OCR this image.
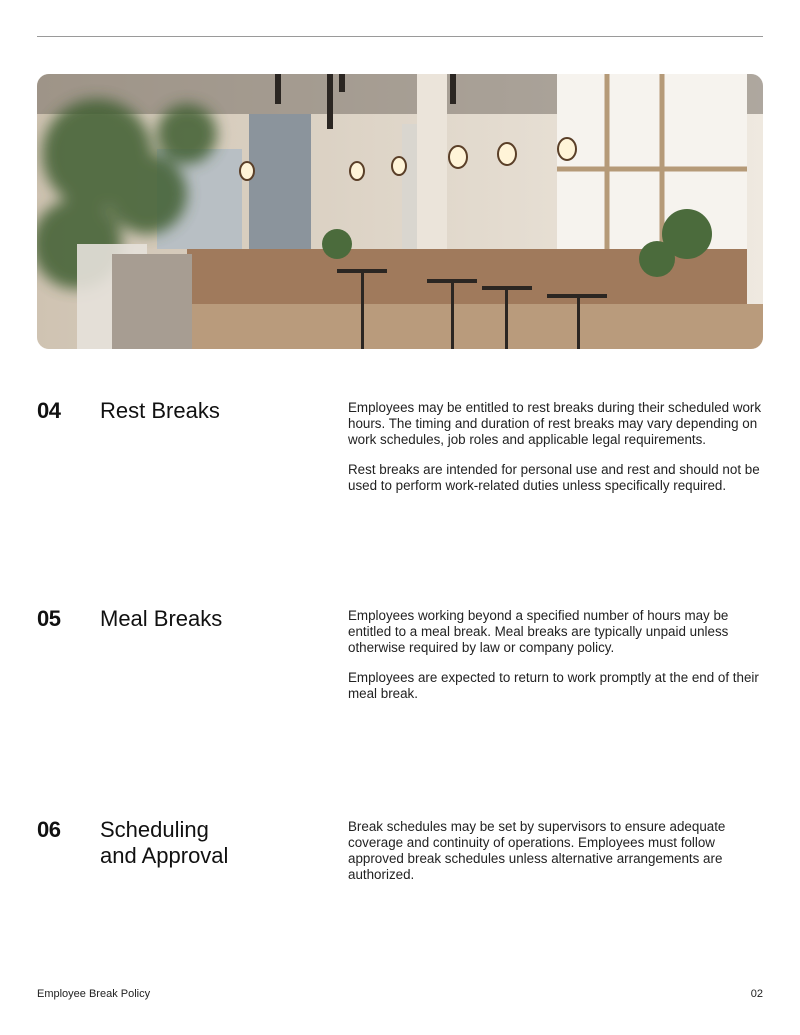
04 Rest Breaks	Employees may be entitled to rest breaks during their scheduled work hours. The timing and duration of rest breaks may vary depending on work schedules, job roles and applicable legal requirements.

Rest breaks are intended for personal use and rest and should not be used to perform work-related duties unless specifically required.

05 Meal Breaks	Employees working beyond a specified number of hours may be entitled to a meal break. Meal breaks are typically unpaid unless otherwise required by law or company policy.

Employees are expected to return to work promptly at the end of their meal break.

06 Scheduling and Approval

Break schedules may be set by supervisors to ensure adequate coverage and continuity of operations. Employees must follow approved break schedules unless alternative arrangements are authorized.

Employee Break Policy	02
